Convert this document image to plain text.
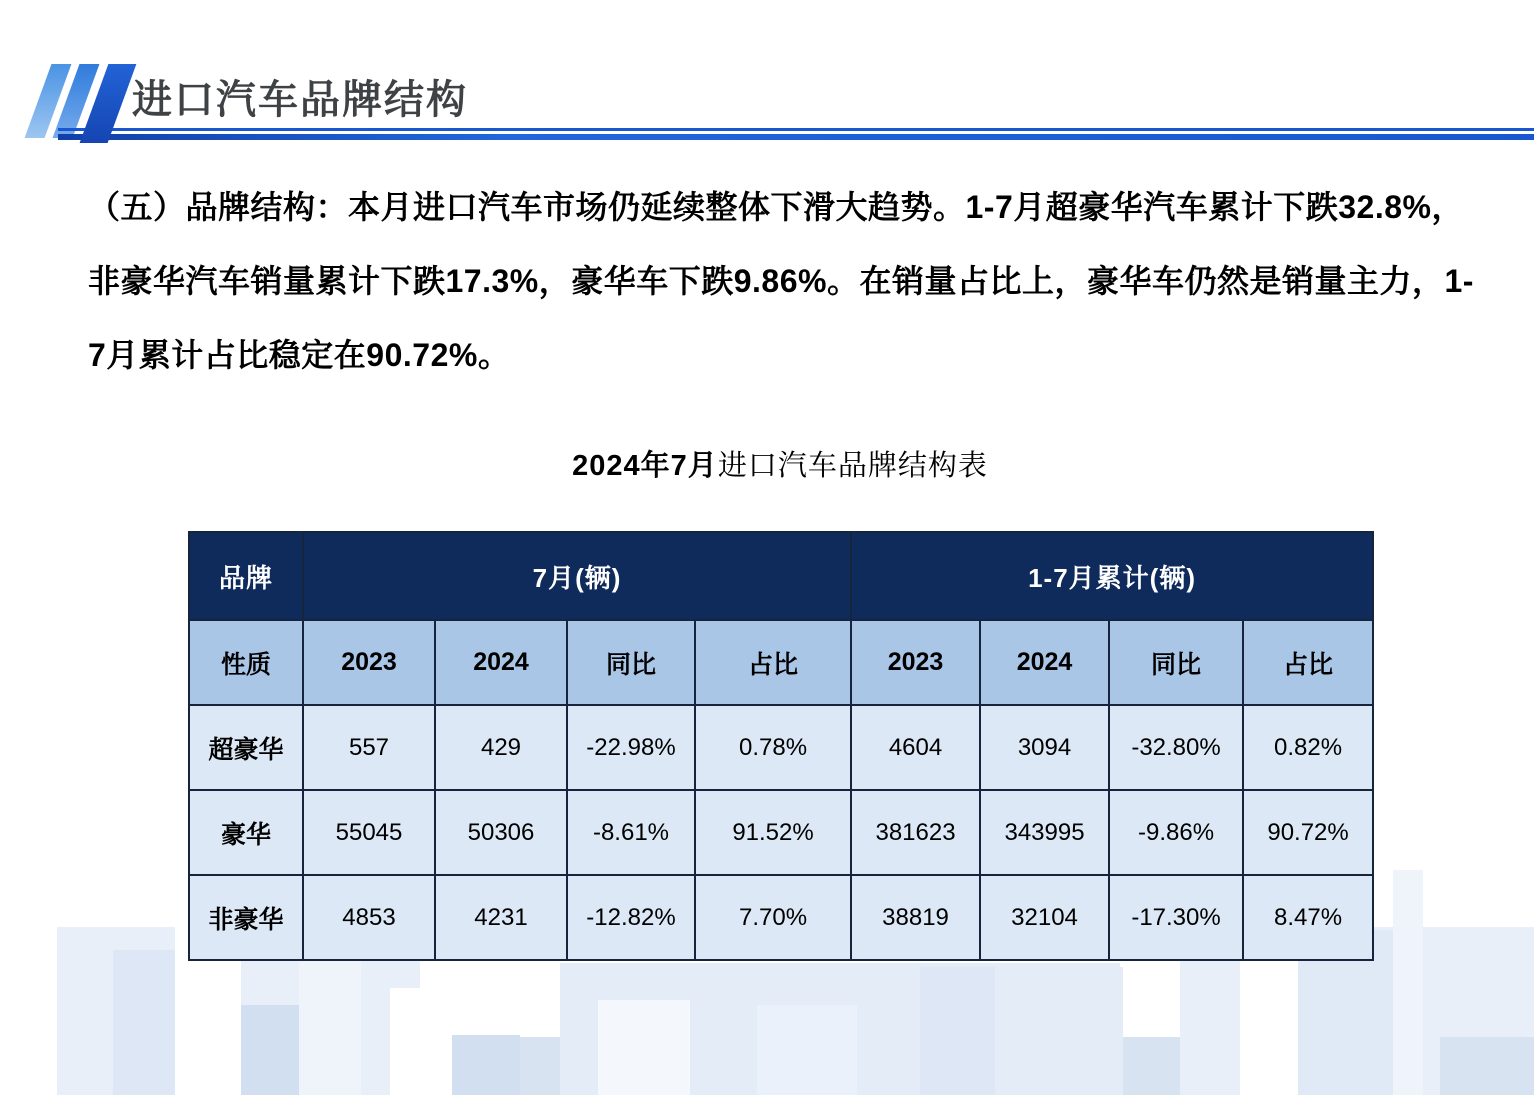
进口汽车品牌结构
（五）品牌结构：本月进口汽车市场仍延续整体下滑大趋势。1-7月超豪华汽车累计下跌32.8%，
非豪华汽车销量累计下跌17.3%，豪华车下跌9.86%。在销量占比上，豪华车仍然是销量主力，1-
7月累计占比稳定在90.72%。
2024年7月进口汽车品牌结构表
品牌	7月(辆)				1-7月累计(辆)			
性质	2023	2024	同比	占比	2023	2024	同比	占比
超豪华	557	429	-22.98%	0.78%	4604	3094	-32.80%	0.82%
豪华	55045	50306	-8.61%	91.52%	381623	343995	-9.86%	90.72%
非豪华	4853	4231	-12.82%	7.70%	38819	32104	-17.30%	8.47%
